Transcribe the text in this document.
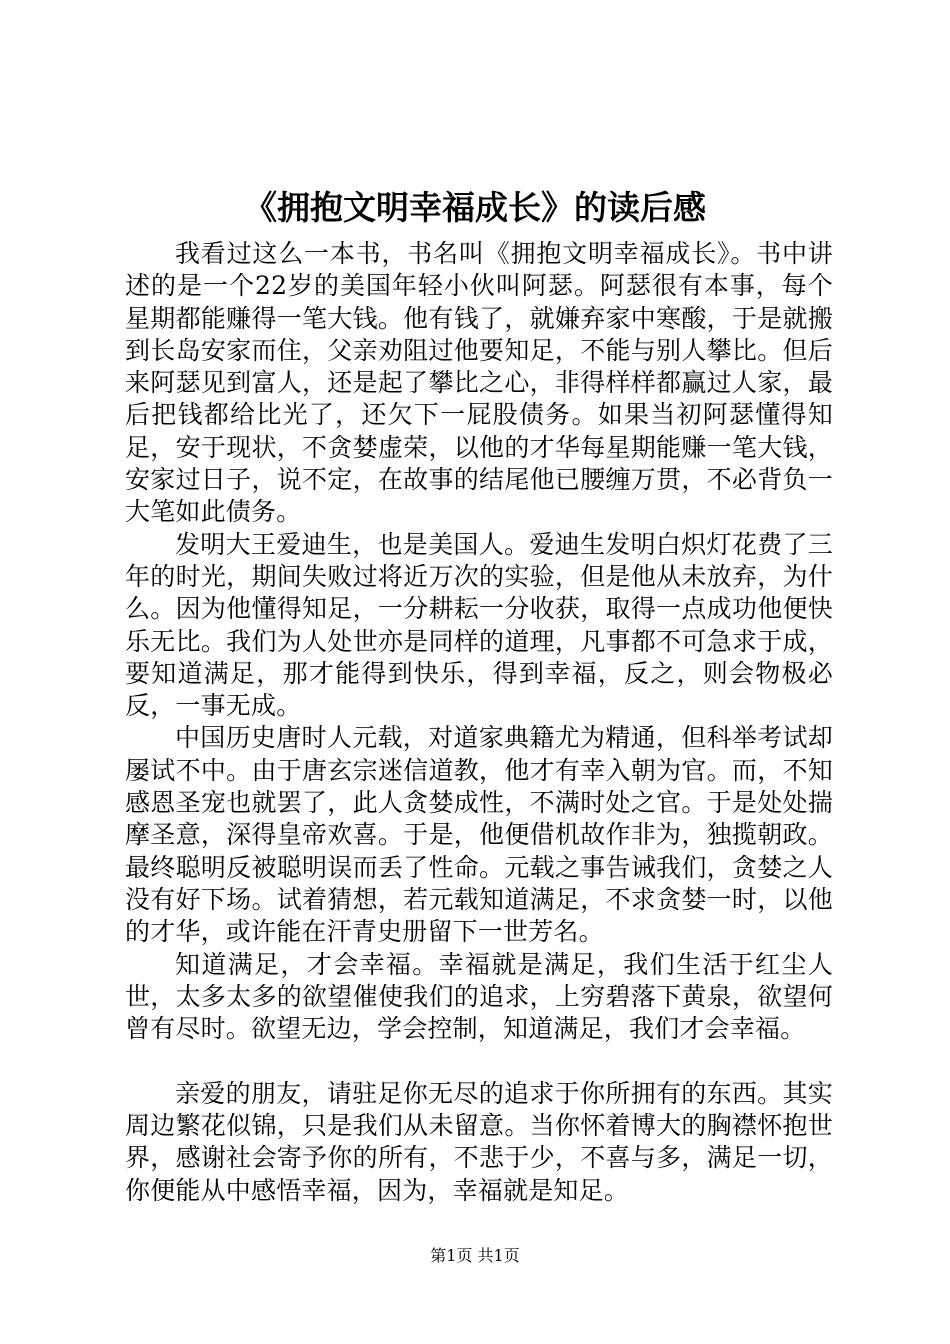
《拥抱文明幸福成长》的读后感

我看过这么一本书，书名叫《拥抱文明幸福成长》。书中讲述的是一个22岁的美国年轻小伙叫阿瑟。阿瑟很有本事，每个星期都能赚得一笔大钱。他有钱了，就嫌弃家中寒酸，于是就搬到长岛安家而住，父亲劝阻过他要知足，不能与别人攀比。但后来阿瑟见到富人，还是起了攀比之心，非得样样都赢过人家，最后把钱都给比光了，还欠下一屁股债务。如果当初阿瑟懂得知足，安于现状，不贪婪虚荣，以他的才华每星期能赚一笔大钱，安家过日子，说不定，在故事的结尾他已腰缠万贯，不必背负一大笔如此债务。

发明大王爱迪生，也是美国人。爱迪生发明白炽灯花费了三年的时光，期间失败过将近万次的实验，但是他从未放弃，为什么。因为他懂得知足，一分耕耘一分收获，取得一点成功他便快乐无比。我们为人处世亦是同样的道理，凡事都不可急求于成，要知道满足，那才能得到快乐，得到幸福，反之，则会物极必反，一事无成。

中国历史唐时人元载，对道家典籍尤为精通，但科举考试却屡试不中。由于唐玄宗迷信道教，他才有幸入朝为官。而，不知感恩圣宠也就罢了，此人贪婪成性，不满时处之官。于是处处揣摩圣意，深得皇帝欢喜。于是，他便借机故作非为，独揽朝政。最终聪明反被聪明误而丢了性命。元载之事告诫我们，贪婪之人没有好下场。试着猜想，若元载知道满足，不求贪婪一时，以他的才华，或许能在汗青史册留下一世芳名。

知道满足，才会幸福。幸福就是满足，我们生活于红尘人世，太多太多的欲望催使我们的追求，上穷碧落下黄泉，欲望何曾有尽时。欲望无边，学会控制，知道满足，我们才会幸福。

亲爱的朋友，请驻足你无尽的追求于你所拥有的东西。其实周边繁花似锦，只是我们从未留意。当你怀着博大的胸襟怀抱世界，感谢社会寄予你的所有，不悲于少，不喜与多，满足一切，你便能从中感悟幸福，因为，幸福就是知足。

第1页 共1页
